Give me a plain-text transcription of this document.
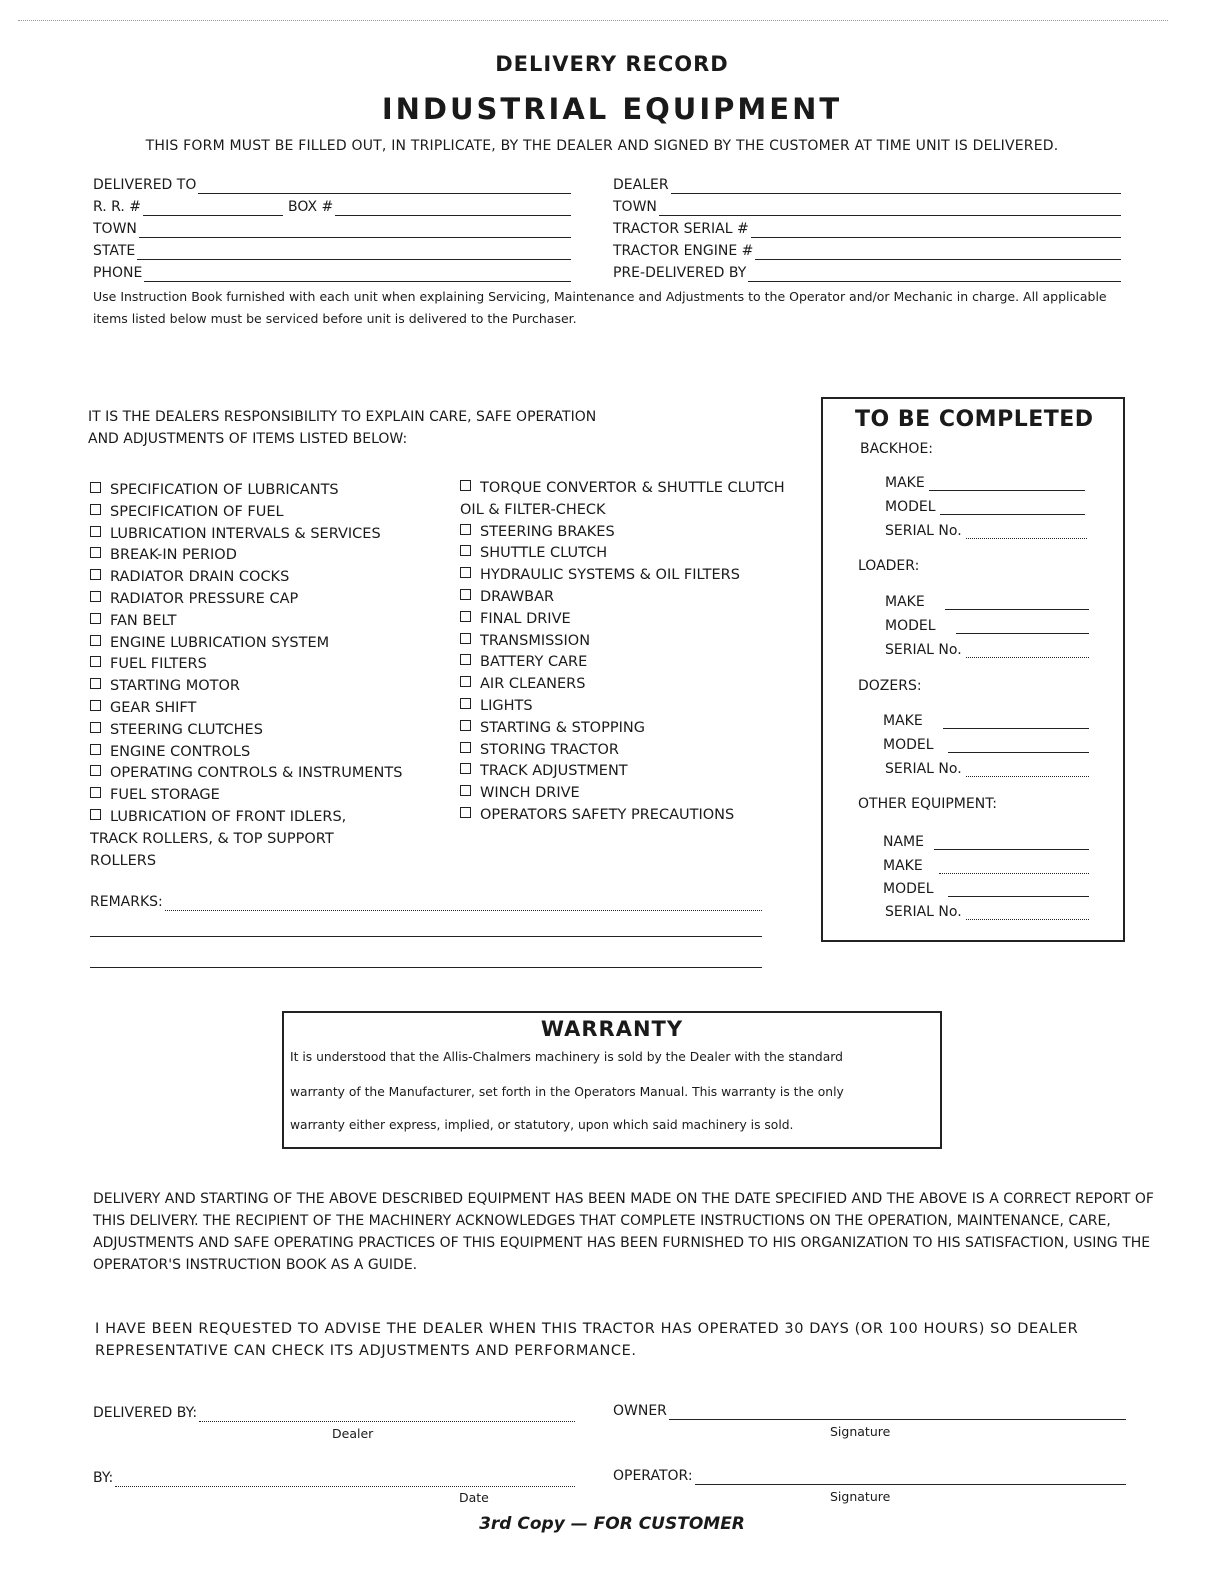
DELIVERY RECORD
INDUSTRIAL EQUIPMENT
THIS FORM MUST BE FILLED OUT, IN TRIPLICATE, BY THE DEALER AND SIGNED BY THE CUSTOMER AT TIME UNIT IS DELIVERED.
DELIVERED TO
R. R. #	BOX #
TOWN
STATE
PHONE
DEALER
TOWN
TRACTOR SERIAL #
TRACTOR ENGINE #
PRE-DELIVERED BY
Use Instruction Book furnished with each unit when explaining Servicing, Maintenance and Adjustments to the Operator and/or Mechanic in charge. All applicable items listed below must be serviced before unit is delivered to the Purchaser.
IT IS THE DEALERS RESPONSIBILITY TO EXPLAIN CARE, SAFE OPERATION
AND ADJUSTMENTS OF ITEMS LISTED BELOW:
SPECIFICATION OF LUBRICANTS
SPECIFICATION OF FUEL
LUBRICATION INTERVALS & SERVICES
BREAK-IN PERIOD
RADIATOR DRAIN COCKS
RADIATOR PRESSURE CAP
FAN BELT
ENGINE LUBRICATION SYSTEM
FUEL FILTERS
STARTING MOTOR
GEAR SHIFT
STEERING CLUTCHES
ENGINE CONTROLS
OPERATING CONTROLS & INSTRUMENTS
FUEL STORAGE
LUBRICATION OF FRONT IDLERS,
TRACK ROLLERS, & TOP SUPPORT
ROLLERS
TORQUE CONVERTOR & SHUTTLE CLUTCH
OIL & FILTER-CHECK
STEERING BRAKES
SHUTTLE CLUTCH
HYDRAULIC SYSTEMS & OIL FILTERS
DRAWBAR
FINAL DRIVE
TRANSMISSION
BATTERY CARE
AIR CLEANERS
LIGHTS
STARTING & STOPPING
STORING TRACTOR
TRACK ADJUSTMENT
WINCH DRIVE
OPERATORS SAFETY PRECAUTIONS
TO BE COMPLETED
BACKHOE:
MAKE
MODEL
SERIAL No.
LOADER:
MAKE
MODEL
SERIAL No.
DOZERS:
MAKE
MODEL
SERIAL No.
OTHER EQUIPMENT:
NAME
MAKE
MODEL
SERIAL No.
REMARKS:
WARRANTY
It is understood that the Allis-Chalmers machinery is sold by the Dealer with the standard
warranty of the Manufacturer, set forth in the Operators Manual. This warranty is the only
warranty either express, implied, or statutory, upon which said machinery is sold.
DELIVERY AND STARTING OF THE ABOVE DESCRIBED EQUIPMENT HAS BEEN MADE ON THE DATE SPECIFIED AND THE ABOVE IS A CORRECT REPORT OF THIS DELIVERY. THE RECIPIENT OF THE MACHINERY ACKNOWLEDGES THAT COMPLETE INSTRUCTIONS ON THE OPERATION, MAINTENANCE, CARE, ADJUSTMENTS AND SAFE OPERATING PRACTICES OF THIS EQUIPMENT HAS BEEN FURNISHED TO HIS ORGANIZATION TO HIS SATISFACTION, USING THE OPERATOR'S INSTRUCTION BOOK AS A GUIDE.
I HAVE BEEN REQUESTED TO ADVISE THE DEALER WHEN THIS TRACTOR HAS OPERATED 30 DAYS (OR 100 HOURS) SO DEALER REPRESENTATIVE CAN CHECK ITS ADJUSTMENTS AND PERFORMANCE.
DELIVERED BY:
Dealer
OWNER
Signature
BY:
Date
OPERATOR:
Signature
3rd Copy — FOR CUSTOMER
